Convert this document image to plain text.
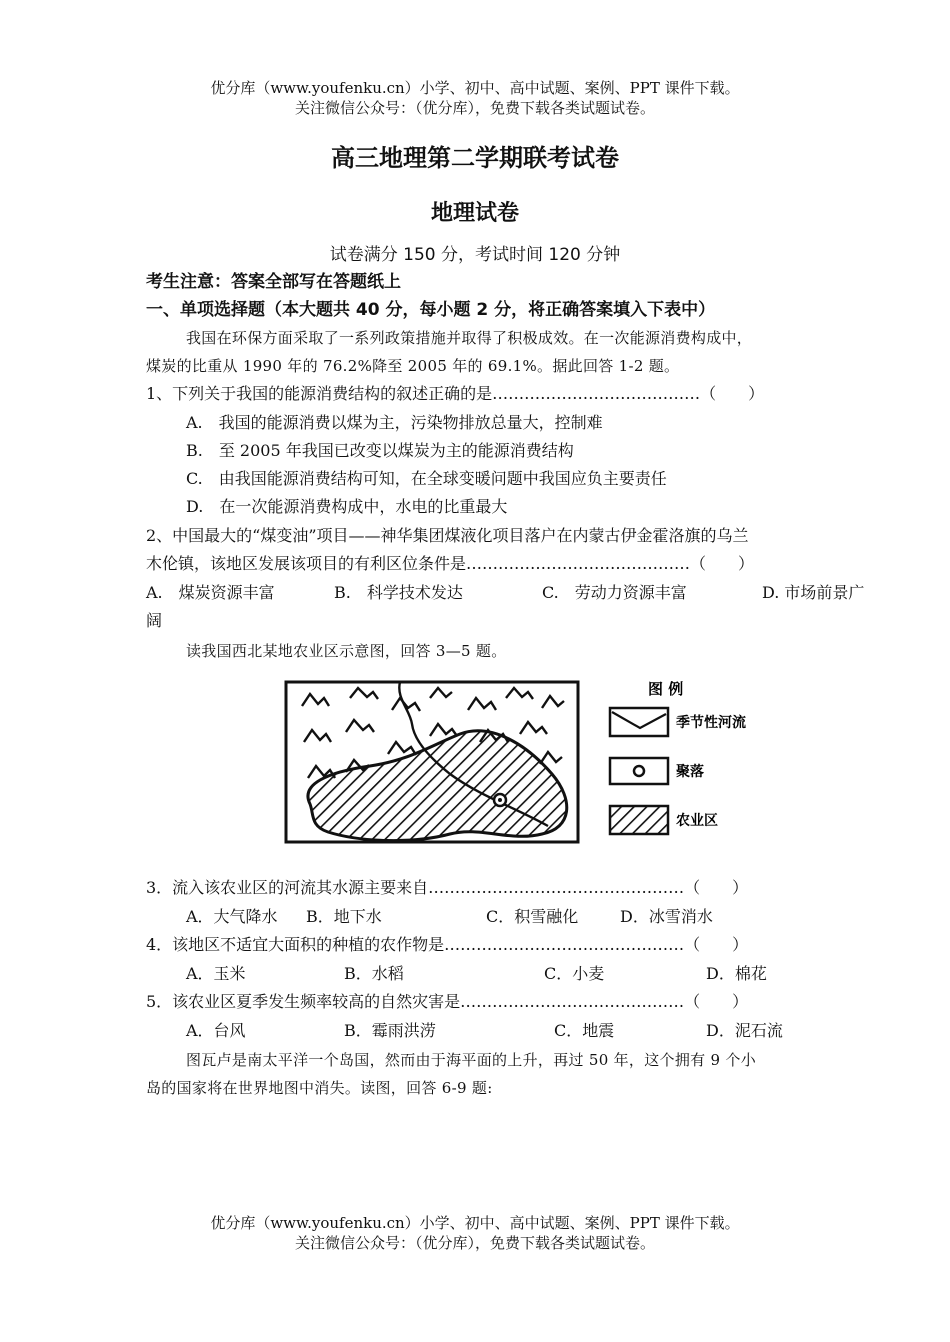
优分库（www.youfenku.cn）小学、初中、高中试题、案例、PPT 课件下载。
关注微信公众号：（优分库），免费下载各类试题试卷。
高三地理第二学期联考试卷
地理试卷
试卷满分 150 分，考试时间 120 分钟
考生注意：答案全部写在答题纸上
一、单项选择题（本大题共 40 分，每小题 2 分，将正确答案填入下表中）
我国在环保方面采取了一系列政策措施并取得了积极成效。在一次能源消费构成中，
煤炭的比重从 1990 年的 76.2%降至 2005 年的 69.1%。据此回答 1-2 题。
1、下列关于我国的能源消费结构的叙述正确的是…………………………………（　　）
A.　我国的能源消费以煤为主，污染物排放总量大，控制难
B.　至 2005 年我国已改变以煤炭为主的能源消费结构
C.　由我国能源消费结构可知，在全球变暖问题中我国应负主要责任
D.　在一次能源消费构成中，水电的比重最大
2、中国最大的“煤变油”项目——神华集团煤液化项目落户在内蒙古伊金霍洛旗的乌兰
木伦镇，该地区发展该项目的有利区位条件是……………………………………（　　）
A.　煤炭资源丰富	B.　科学技术发达	C.　劳动力资源丰富	D. 市场前景广
阔
读我国西北某地农业区示意图，回答 3—5 题。
图 例
季节性河流
聚落
农业区
3．流入该农业区的河流其水源主要来自…………………………………………（　　）
A．大气降水 B．地下水	C．积雪融化	D．冰雪消水
4．该地区不适宜大面积的种植的农作物是………………………………………（　　）
A．玉米	B．水稻	C．小麦	D．棉花
5．该农业区夏季发生频率较高的自然灾害是……………………………………（　　）
A．台风	B．霉雨洪涝	C．地震	D．泥石流
图瓦卢是南太平洋一个岛国，然而由于海平面的上升，再过 50 年，这个拥有 9 个小
岛的国家将在世界地图中消失。读图，回答 6-9 题:
优分库（www.youfenku.cn）小学、初中、高中试题、案例、PPT 课件下载。
关注微信公众号：（优分库），免费下载各类试题试卷。
